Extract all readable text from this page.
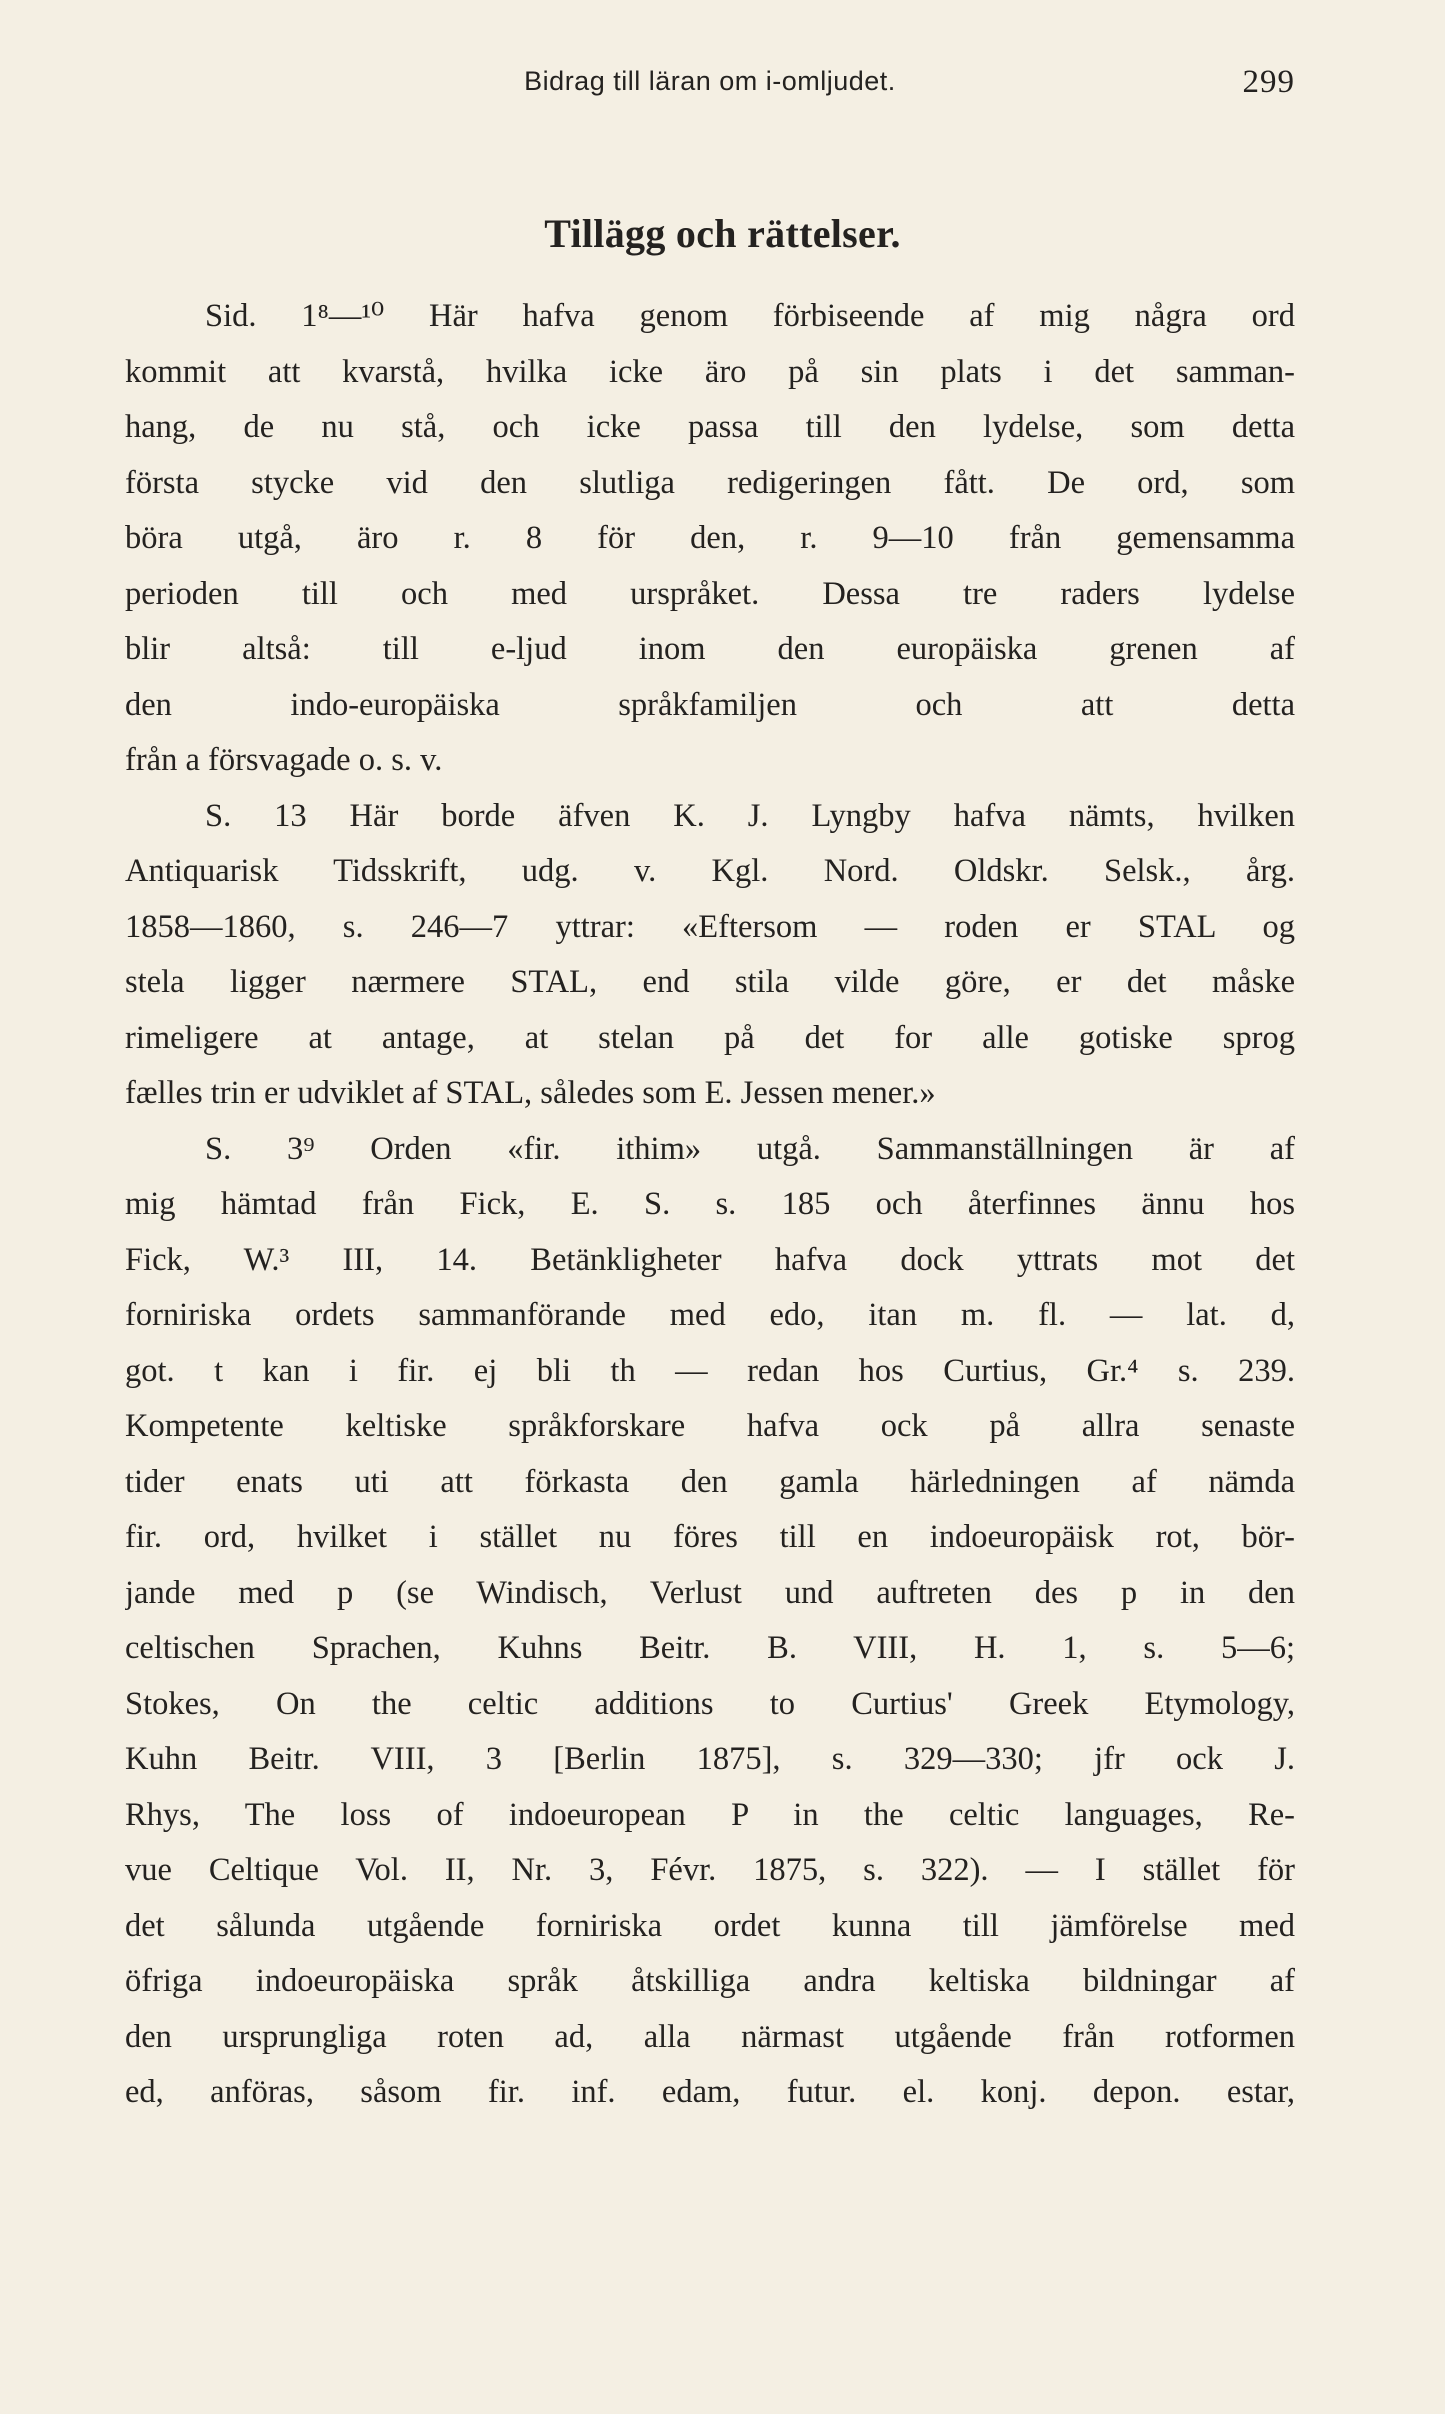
Bidrag till läran om i-omljudet.	299
Tillägg och rättelser.
Sid. 1⁸—¹⁰ Här hafva genom förbiseende af mig några ord
kommit att kvarstå, hvilka icke äro på sin plats i det samman-
hang, de nu stå, och icke passa till den lydelse, som detta
första stycke vid den slutliga redigeringen fått. De ord, som
böra utgå, äro r. 8 för den, r. 9—10 från gemensamma
perioden till och med urspråket. Dessa tre raders lydelse
blir altså: till e-ljud inom den europäiska grenen af
den indo-europäiska språkfamiljen och att detta
från a försvagade o. s. v.
S. 13 Här borde äfven K. J. Lyngby hafva nämts, hvilken
Antiquarisk Tidsskrift, udg. v. Kgl. Nord. Oldskr. Selsk., årg.
1858—1860, s. 246—7 yttrar: «Eftersom — roden er STAL og
stela ligger nærmere STAL, end stila vilde göre, er det måske
rimeligere at antage, at stelan på det for alle gotiske sprog
fælles trin er udviklet af STAL, således som E. Jessen mener.»
S. 3⁹ Orden «fir. ithim» utgå. Sammanställningen är af
mig hämtad från Fick, E. S. s. 185 och återfinnes ännu hos
Fick, W.³ III, 14. Betänkligheter hafva dock yttrats mot det
forniriska ordets sammanförande med edo, itan m. fl. — lat. d,
got. t kan i fir. ej bli th — redan hos Curtius, Gr.⁴ s. 239.
Kompetente keltiske språkforskare hafva ock på allra senaste
tider enats uti att förkasta den gamla härledningen af nämda
fir. ord, hvilket i stället nu föres till en indoeuropäisk rot, bör-
jande med p (se Windisch, Verlust und auftreten des p in den
celtischen Sprachen, Kuhns Beitr. B. VIII, H. 1, s. 5—6;
Stokes, On the celtic additions to Curtius' Greek Etymology,
Kuhn Beitr. VIII, 3 [Berlin 1875], s. 329—330; jfr ock J.
Rhys, The loss of indoeuropean P in the celtic languages, Re-
vue Celtique Vol. II, Nr. 3, Févr. 1875, s. 322). — I stället för
det sålunda utgående forniriska ordet kunna till jämförelse med
öfriga indoeuropäiska språk åtskilliga andra keltiska bildningar af
den ursprungliga roten ad, alla närmast utgående från rotformen
ed, anföras, såsom fir. inf. edam, futur. el. konj. depon. estar,
